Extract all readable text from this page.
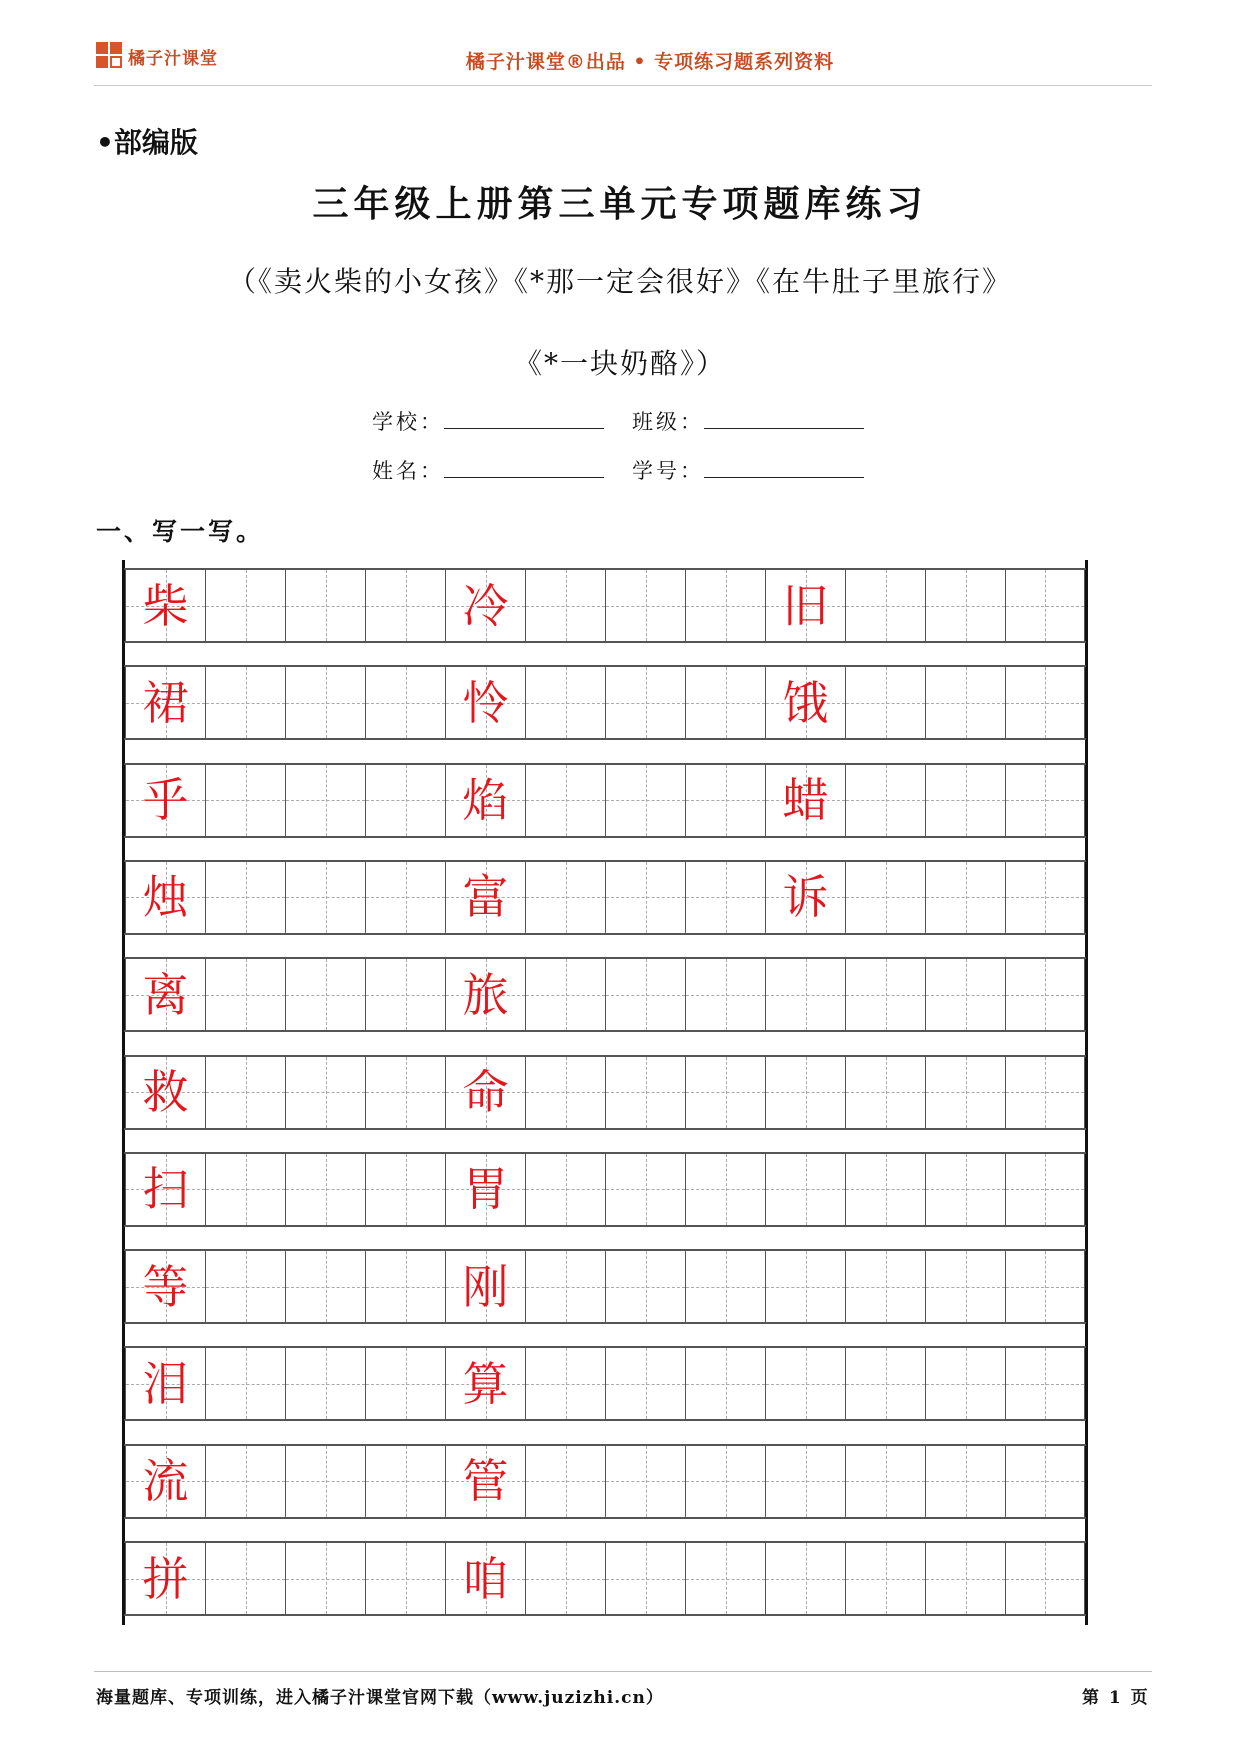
橘子汁课堂	橘子汁课堂®出品 • 专项练习题系列资料
•部编版
三年级上册第三单元专项题库练习
（《卖火柴的小女孩》《*那一定会很好》《在牛肚子里旅行》
《*一块奶酪》）
学校：	班级：
姓名：	学号：
一、写一写。
柴	冷	旧
裙	怜	饿
乎	焰	蜡
烛	富	诉
离	旅
救	命
扫	胃
等	刚
泪	算
流	管
拼	咱
海量题库、专项训练，进入橘子汁课堂官网下载（www.juzizhi.cn）	第 1 页
